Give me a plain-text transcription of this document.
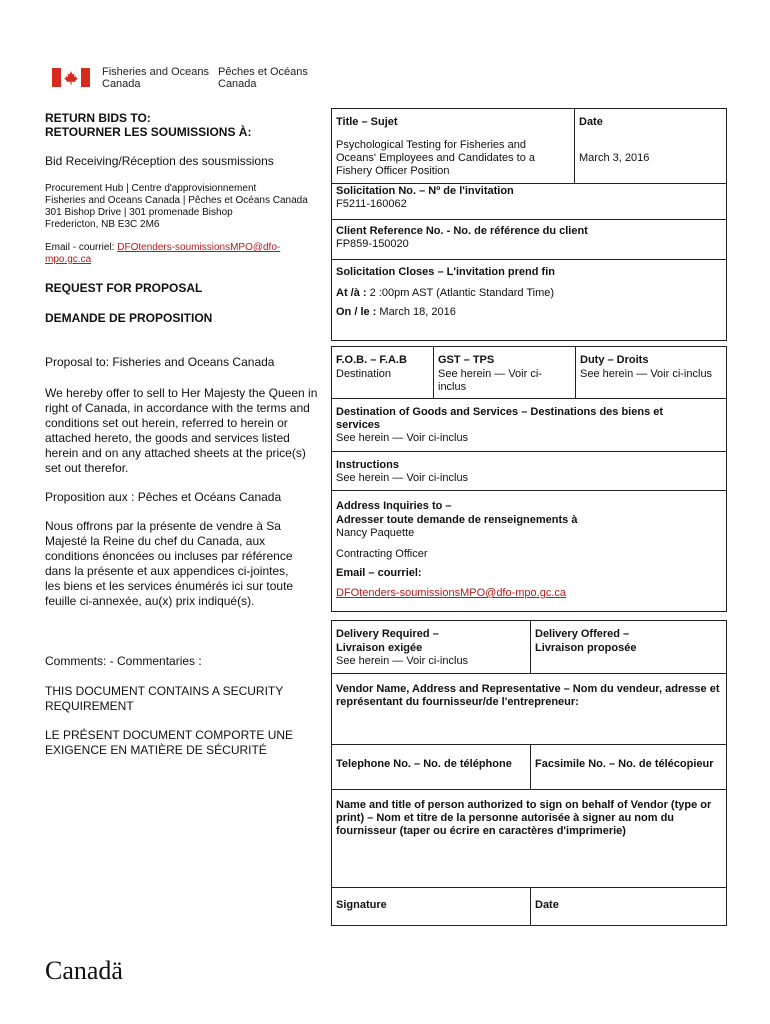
Fisheries and Oceans
Canada
Pêches et Océans
Canada
RETURN BIDS TO:
RETOURNER LES SOUMISSIONS À:
Bid Receiving/Réception des sousmissions
Procurement Hub | Centre d'approvisionnement
Fisheries and Oceans Canada | Pêches et Océans Canada
301 Bishop Drive | 301 promenade Bishop
Fredericton, NB E3C 2M6
Email - courriel: DFOtenders-soumissionsMPO@dfo-mpo.gc.ca
REQUEST FOR PROPOSAL
DEMANDE DE PROPOSITION
Proposal to: Fisheries and Oceans Canada
We hereby offer to sell to Her Majesty the Queen in right of Canada, in accordance with the terms and conditions set out herein, referred to herein or attached hereto, the goods and services listed herein and on any attached sheets at the price(s) set out therefor.
Proposition aux : Pêches et Océans Canada
Nous offrons par la présente de vendre à Sa Majesté la Reine du chef du Canada, aux conditions énoncées ou incluses par référence dans la présente et aux appendices ci-jointes, les biens et les services énumérés ici sur toute feuille ci-annexée, au(x) prix indiqué(s).
Comments: - Commentaries :
THIS DOCUMENT CONTAINS A SECURITY REQUIREMENT
LE PRÉSENT DOCUMENT COMPORTE UNE EXIGENCE EN MATIÈRE DE SÉCURITÉ
Title – Sujet
Psychological Testing for Fisheries and Oceans' Employees and Candidates to a Fishery Officer Position
Date
March 3, 2016
Solicitation No. – Nº de l'invitation
F5211-160062
Client Reference No. - No. de référence du client
FP859-150020
Solicitation Closes – L'invitation prend fin
At /à : 2 :00pm AST (Atlantic Standard Time)
On / le : March 18, 2016
F.O.B. – F.A.B
Destination
GST – TPS
See herein — Voir ci-inclus
Duty – Droits
See herein — Voir ci-inclus
Destination of Goods and Services – Destinations des biens et services
See herein — Voir ci-inclus
Instructions
See herein — Voir ci-inclus
Address Inquiries to –
Adresser toute demande de renseignements à
Nancy Paquette
Contracting Officer
Email – courriel:
DFOtenders-soumissionsMPO@dfo-mpo.gc.ca
Delivery Required –
Livraison exigée
See herein — Voir ci-inclus
Delivery Offered –
Livraison proposée
Vendor Name, Address and Representative – Nom du vendeur, adresse et représentant du fournisseur/de l'entrepreneur:
Telephone No. – No. de téléphone	Facsimile No. – No. de télécopieur
Name and title of person authorized to sign on behalf of Vendor (type or print) – Nom et titre de la personne autorisée à signer au nom du fournisseur (taper ou écrire en caractères d'imprimerie)
Signature	Date
Canadä
